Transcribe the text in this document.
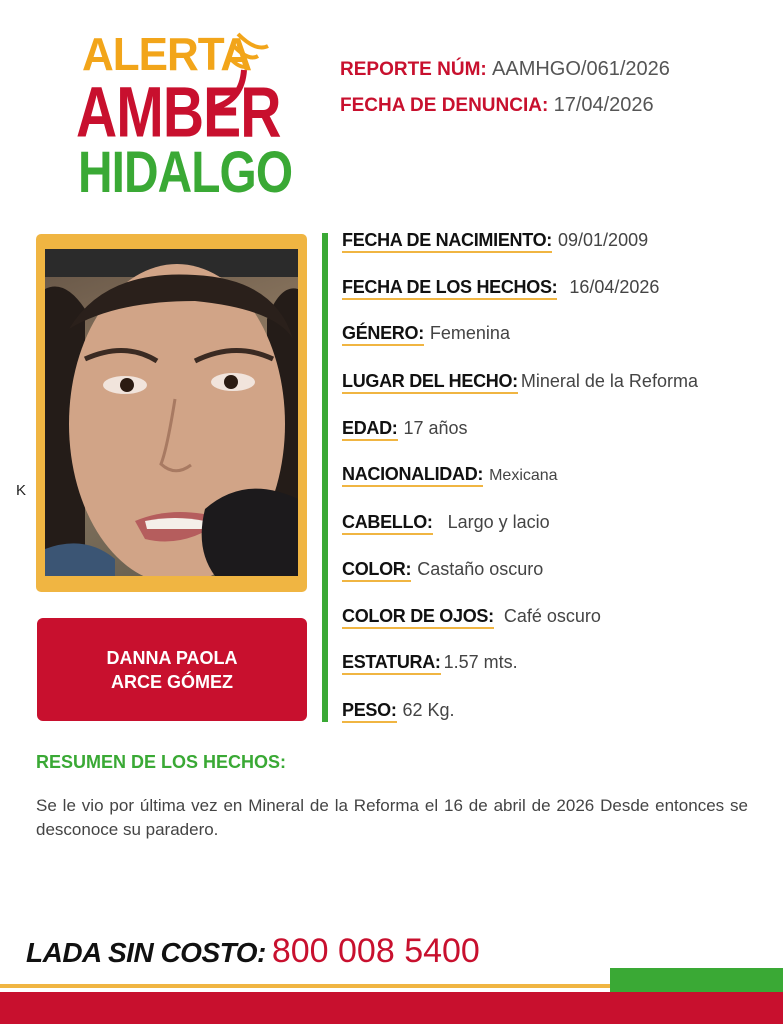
ALERTA
AMBER
HIDALGO
REPORTE NÚM: AAMHGO/061/2026
FECHA DE DENUNCIA: 17/04/2026
K
DANNA PAOLA
ARCE GÓMEZ
FECHA DE NACIMIENTO: 09/01/2009
FECHA DE LOS HECHOS: 16/04/2026
GÉNERO: Femenina
LUGAR DEL HECHO: Mineral de la Reforma
EDAD: 17 años
NACIONALIDAD: Mexicana
CABELLO: Largo y lacio
COLOR: Castaño oscuro
COLOR DE OJOS: Café oscuro
ESTATURA: 1.57 mts.
PESO: 62 Kg.
RESUMEN DE LOS HECHOS:
Se le vio por última vez en Mineral de la Reforma el 16 de abril de 2026 Desde entonces se desconoce su paradero.
LADA SIN COSTO: 800 008 5400
